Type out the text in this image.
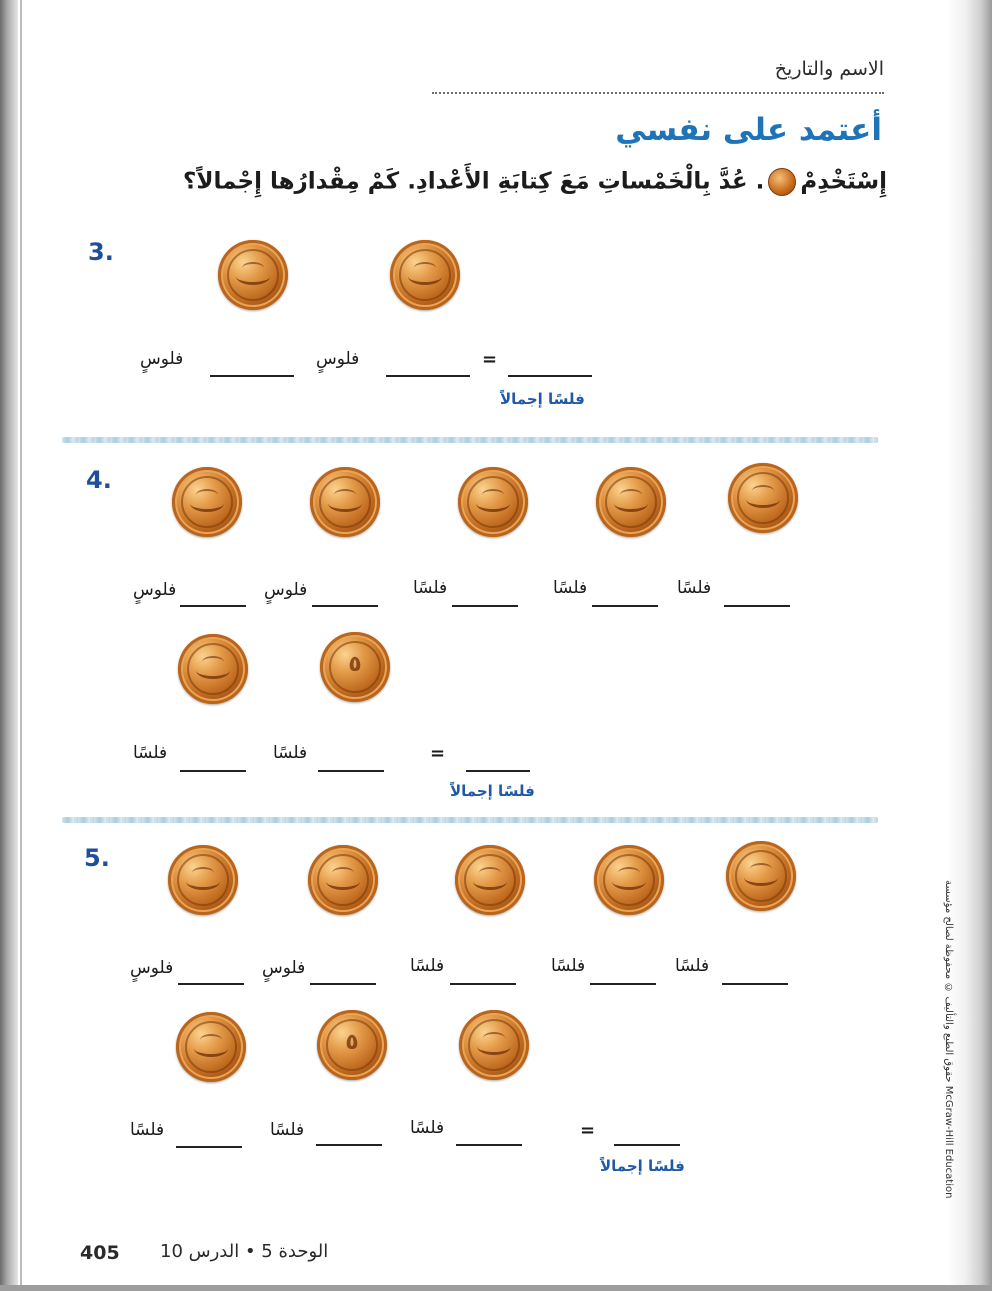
الاسم والتاريخ
أعتمد على نفسي
إِسْتَخْدِمْ. عُدَّ بِالْخَمْساتِ مَعَ كِتابَةِ الأَعْدادِ. كَمْ مِقْدارُها إِجْمالاً؟
3.
فلوسٍ	فلوسٍ	=
فلسًا إجمالاً
4.
فلوسٍ	فلوسٍ	فلسًا	فلسًا	فلسًا
٥
فلسًا	فلسًا	=
فلسًا إجمالاً
5.
فلوسٍ	فلوسٍ	فلسًا	فلسًا	فلسًا
٥
فلسًا	فلسًا	فلسًا	=
فلسًا إجمالاً
حقوق الطبع والتأليف © محفوظة لصالح مؤسسة McGraw-Hill Education
405 الوحدة 5 • الدرس 10
